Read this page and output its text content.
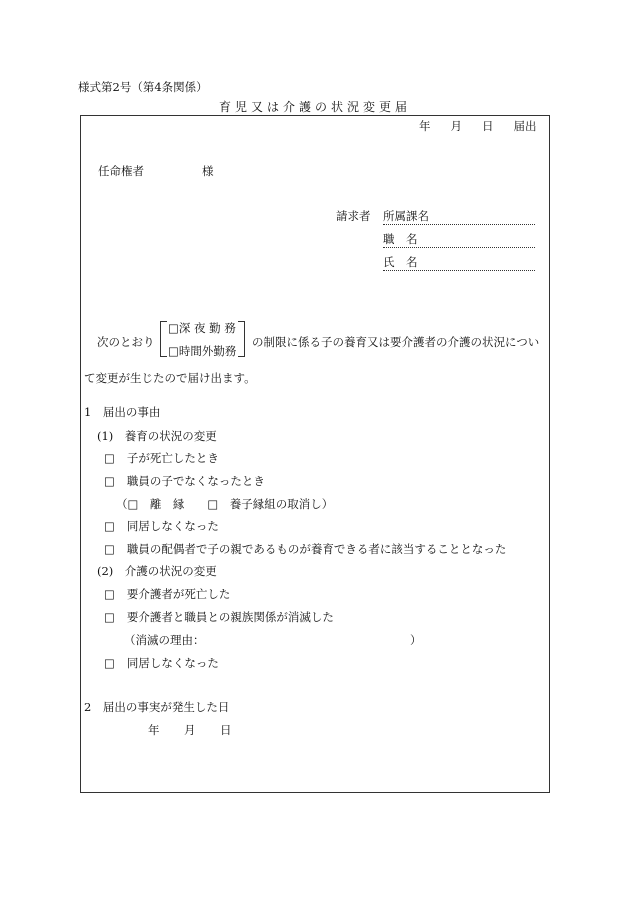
様式第2号（第4条関係）
育児又は介護の状況変更届
年 月 日 届出
任命権者	様
請求者 所属課名
職　名
氏　名
次のとおり
□深 夜 勤 務
□時間外勤務
の制限に係る子の養育又は要介護者の介護の状況につい
て変更が生じたので届け出ます。
1　届出の事由
(1)　養育の状況の変更
□ 子が死亡したとき
□ 職員の子でなくなったとき
（□　離　縁　　□　養子縁組の取消し）
□ 同居しなくなった
□ 職員の配偶者で子の親であるものが養育できる者に該当することとなった
(2)　介護の状況の変更
□ 要介護者が死亡した
□ 要介護者と職員との親族関係が消滅した
（消滅の理由：	）
□ 同居しなくなった
2　届出の事実が発生した日
年 月 日
